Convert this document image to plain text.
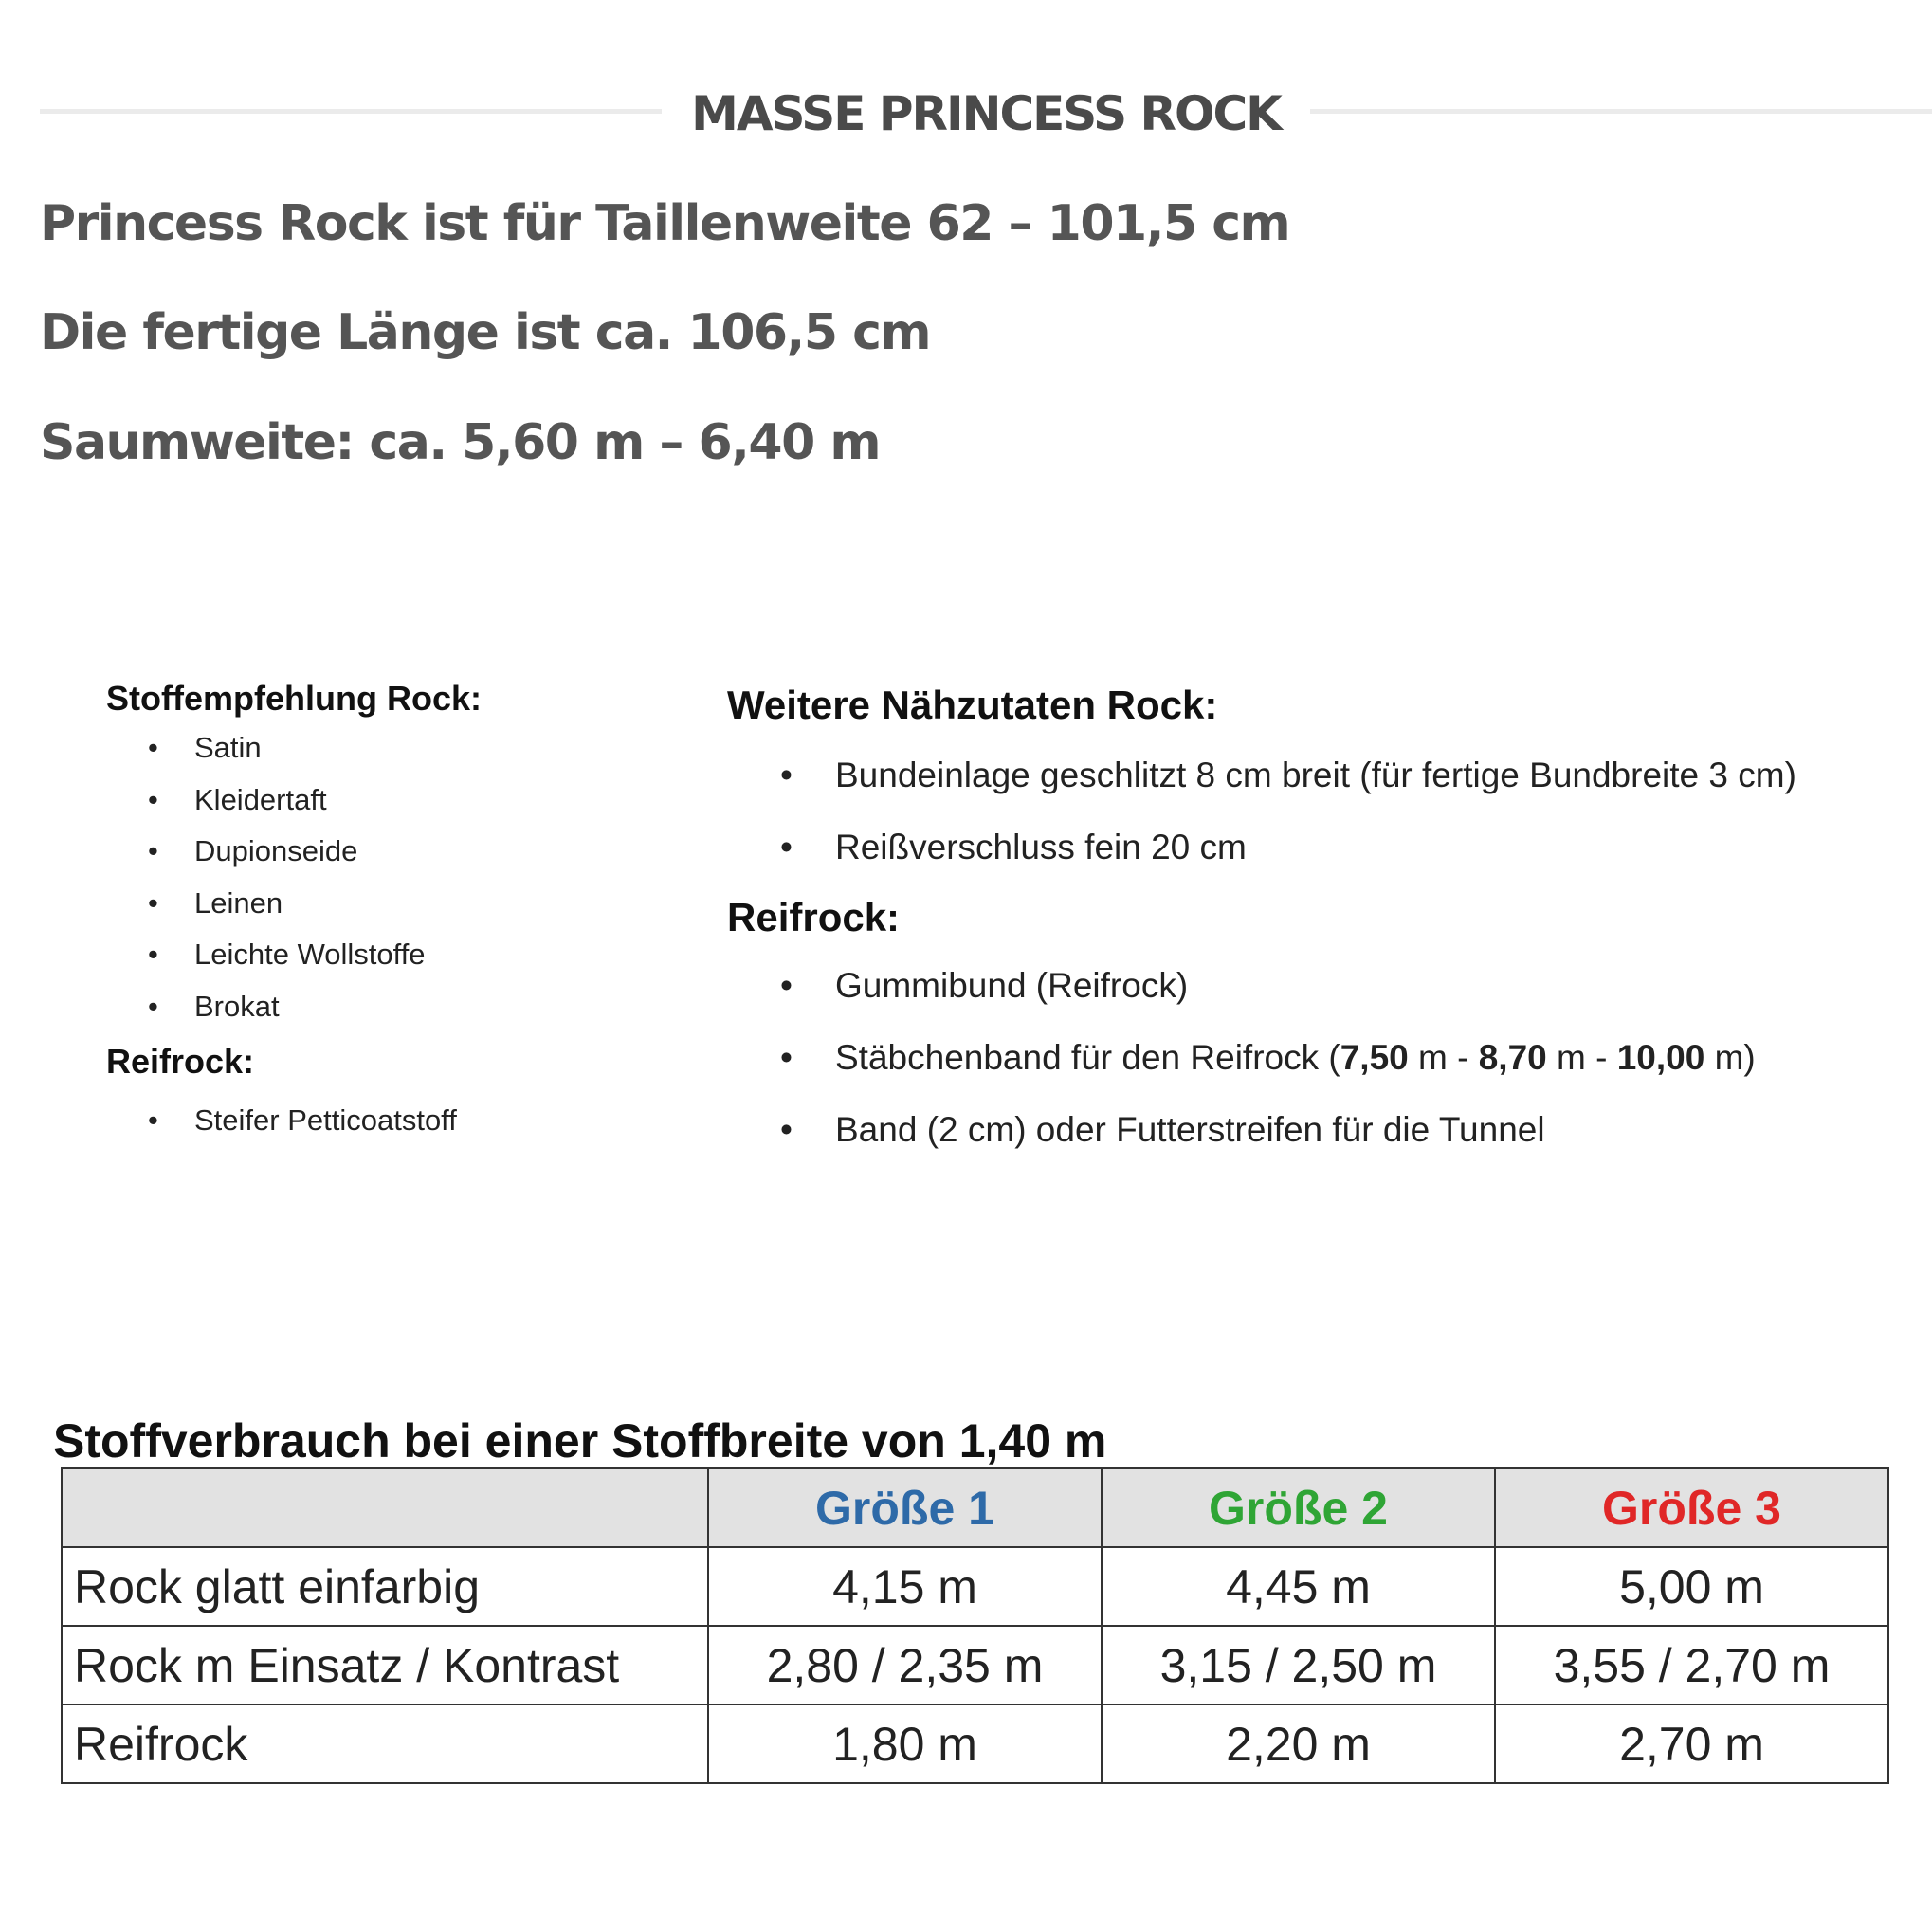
MASSE PRINCESS ROCK
Princess Rock ist für Taillenweite 62 – 101,5 cm
Die fertige Länge ist ca. 106,5 cm
Saumweite: ca. 5,60 m – 6,40 m
Stoffempfehlung Rock:
• Satin
• Kleidertaft
• Dupionseide
• Leinen
• Leichte Wollstoffe
• Brokat
Reifrock:
• Steifer Petticoatstoff
Weitere Nähzutaten Rock:
• Bundeinlage geschlitzt 8 cm breit (für fertige Bundbreite 3 cm)
• Reißverschluss fein 20 cm
Reifrock:
• Gummibund (Reifrock)
• Stäbchenband für den Reifrock (7,50 m - 8,70 m - 10,00 m)
• Band (2 cm) oder Futterstreifen für die Tunnel
Stoffverbrauch bei einer Stoffbreite von 1,40 m
	Größe 1	Größe 2	Größe 3
Rock glatt einfarbig	4,15 m	4,45 m	5,00 m
Rock m Einsatz / Kontrast	2,80 / 2,35 m	3,15 / 2,50 m	3,55 / 2,70 m
Reifrock	1,80 m	2,20 m	2,70 m
